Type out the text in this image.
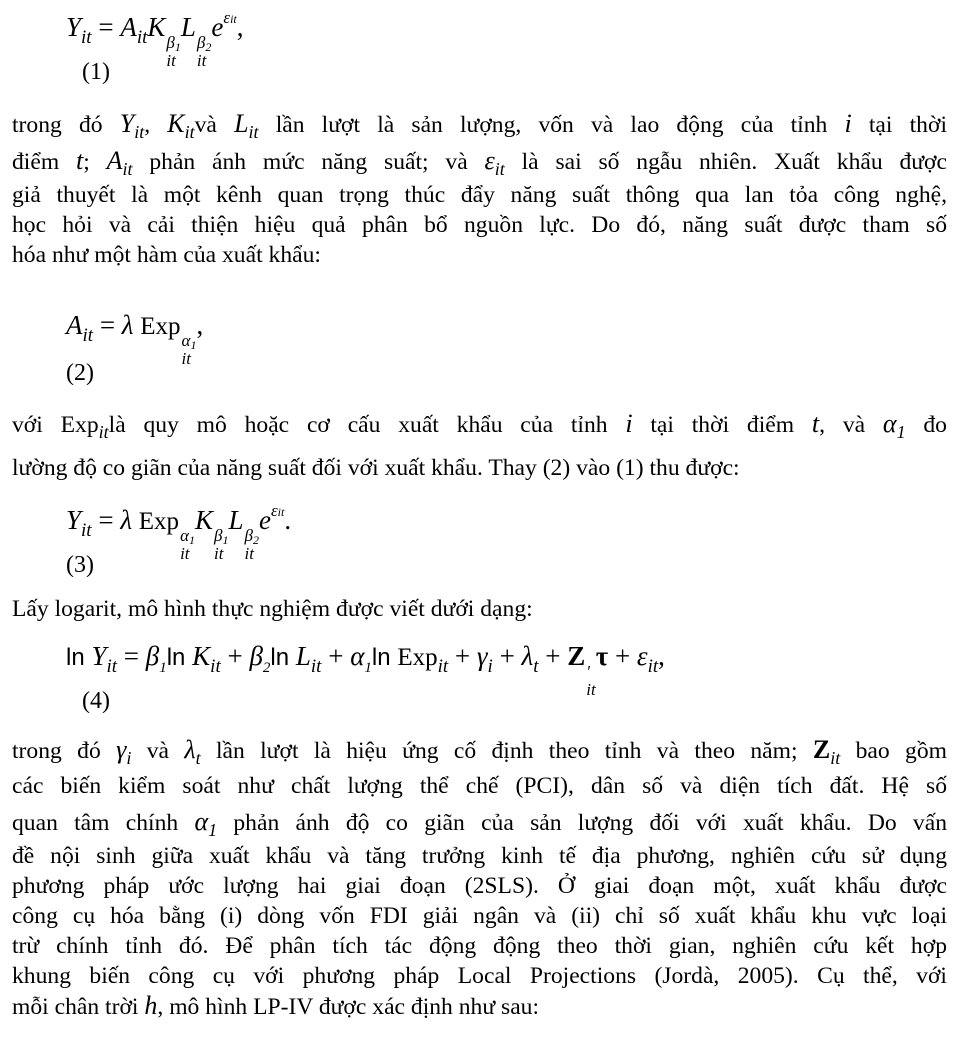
$Y_{it} = A_{it}K$
$\beta_1$
it
L
$\beta_2$
it
$e^{\varepsilon it}$,
(1)
trong đó $Y_{it}$, $K_{it}và$ $L_{it}$ lần lượt là sản lượng, vốn và lao động của tỉnh i tại thời
điểm t; $A_{it}$ phản ánh mức năng suất; và $\varepsilon_{it}$ là sai số ngẫu nhiên. Xuất khẩu được
giả thuyết là một kênh quan trọng thúc đẩy năng suất thông qua lan tỏa công nghệ,
học hỏi và cải thiện hiệu quả phân bổ nguồn lực. Do đó, năng suất được tham số
hóa như một hàm của xuất khẩu:
$A_{it} = \lambda$ Exp
$\alpha_1$
it
,
(2)
với Exp$_{it}$là quy mô hoặc cơ cấu xuất khẩu của tỉnh i tại thời điểm t, và $\alpha_1$ đo
lường độ co giãn của năng suất đối với xuất khẩu. Thay (2) vào (1) thu được:
$Y_{it} = \lambda$ Exp
$\alpha_1$
it
K
$\beta_1$
it
L
$\beta_2$
it
$e^{\varepsilon it}$.
(3)
Lấy logarit, mô hình thực nghiệm được viết dưới dạng:
$\ln Y_{it} = \beta_1\ln$ $K_{it} + \beta_2\ln$ $L_{it} + \alpha_1\ln$ $Exp_{it} + \gamma_i + \lambda_t + Z$
′
it
$\tau + \varepsilon_{it}$,
(4)
trong đó $\gamma_i$ và $\lambda_t$ lần lượt là hiệu ứng cố định theo tỉnh và theo năm; $Z_{it}$ bao gồm
các biến kiểm soát như chất lượng thể chế (PCI), dân số và diện tích đất. Hệ số
quan tâm chính $\alpha_1$ phản ánh độ co giãn của sản lượng đối với xuất khẩu. Do vấn
đề nội sinh giữa xuất khẩu và tăng trưởng kinh tế địa phương, nghiên cứu sử dụng
phương pháp ước lượng hai giai đoạn (2SLS). Ở giai đoạn một, xuất khẩu được
công cụ hóa bằng (i) dòng vốn FDI giải ngân và (ii) chỉ số xuất khẩu khu vực loại
trừ chính tỉnh đó. Để phân tích tác động động theo thời gian, nghiên cứu kết hợp
khung biến công cụ với phương pháp Local Projections (Jordà, 2005). Cụ thể, với
mỗi chân trời h, mô hình LP-IV được xác định như sau:
